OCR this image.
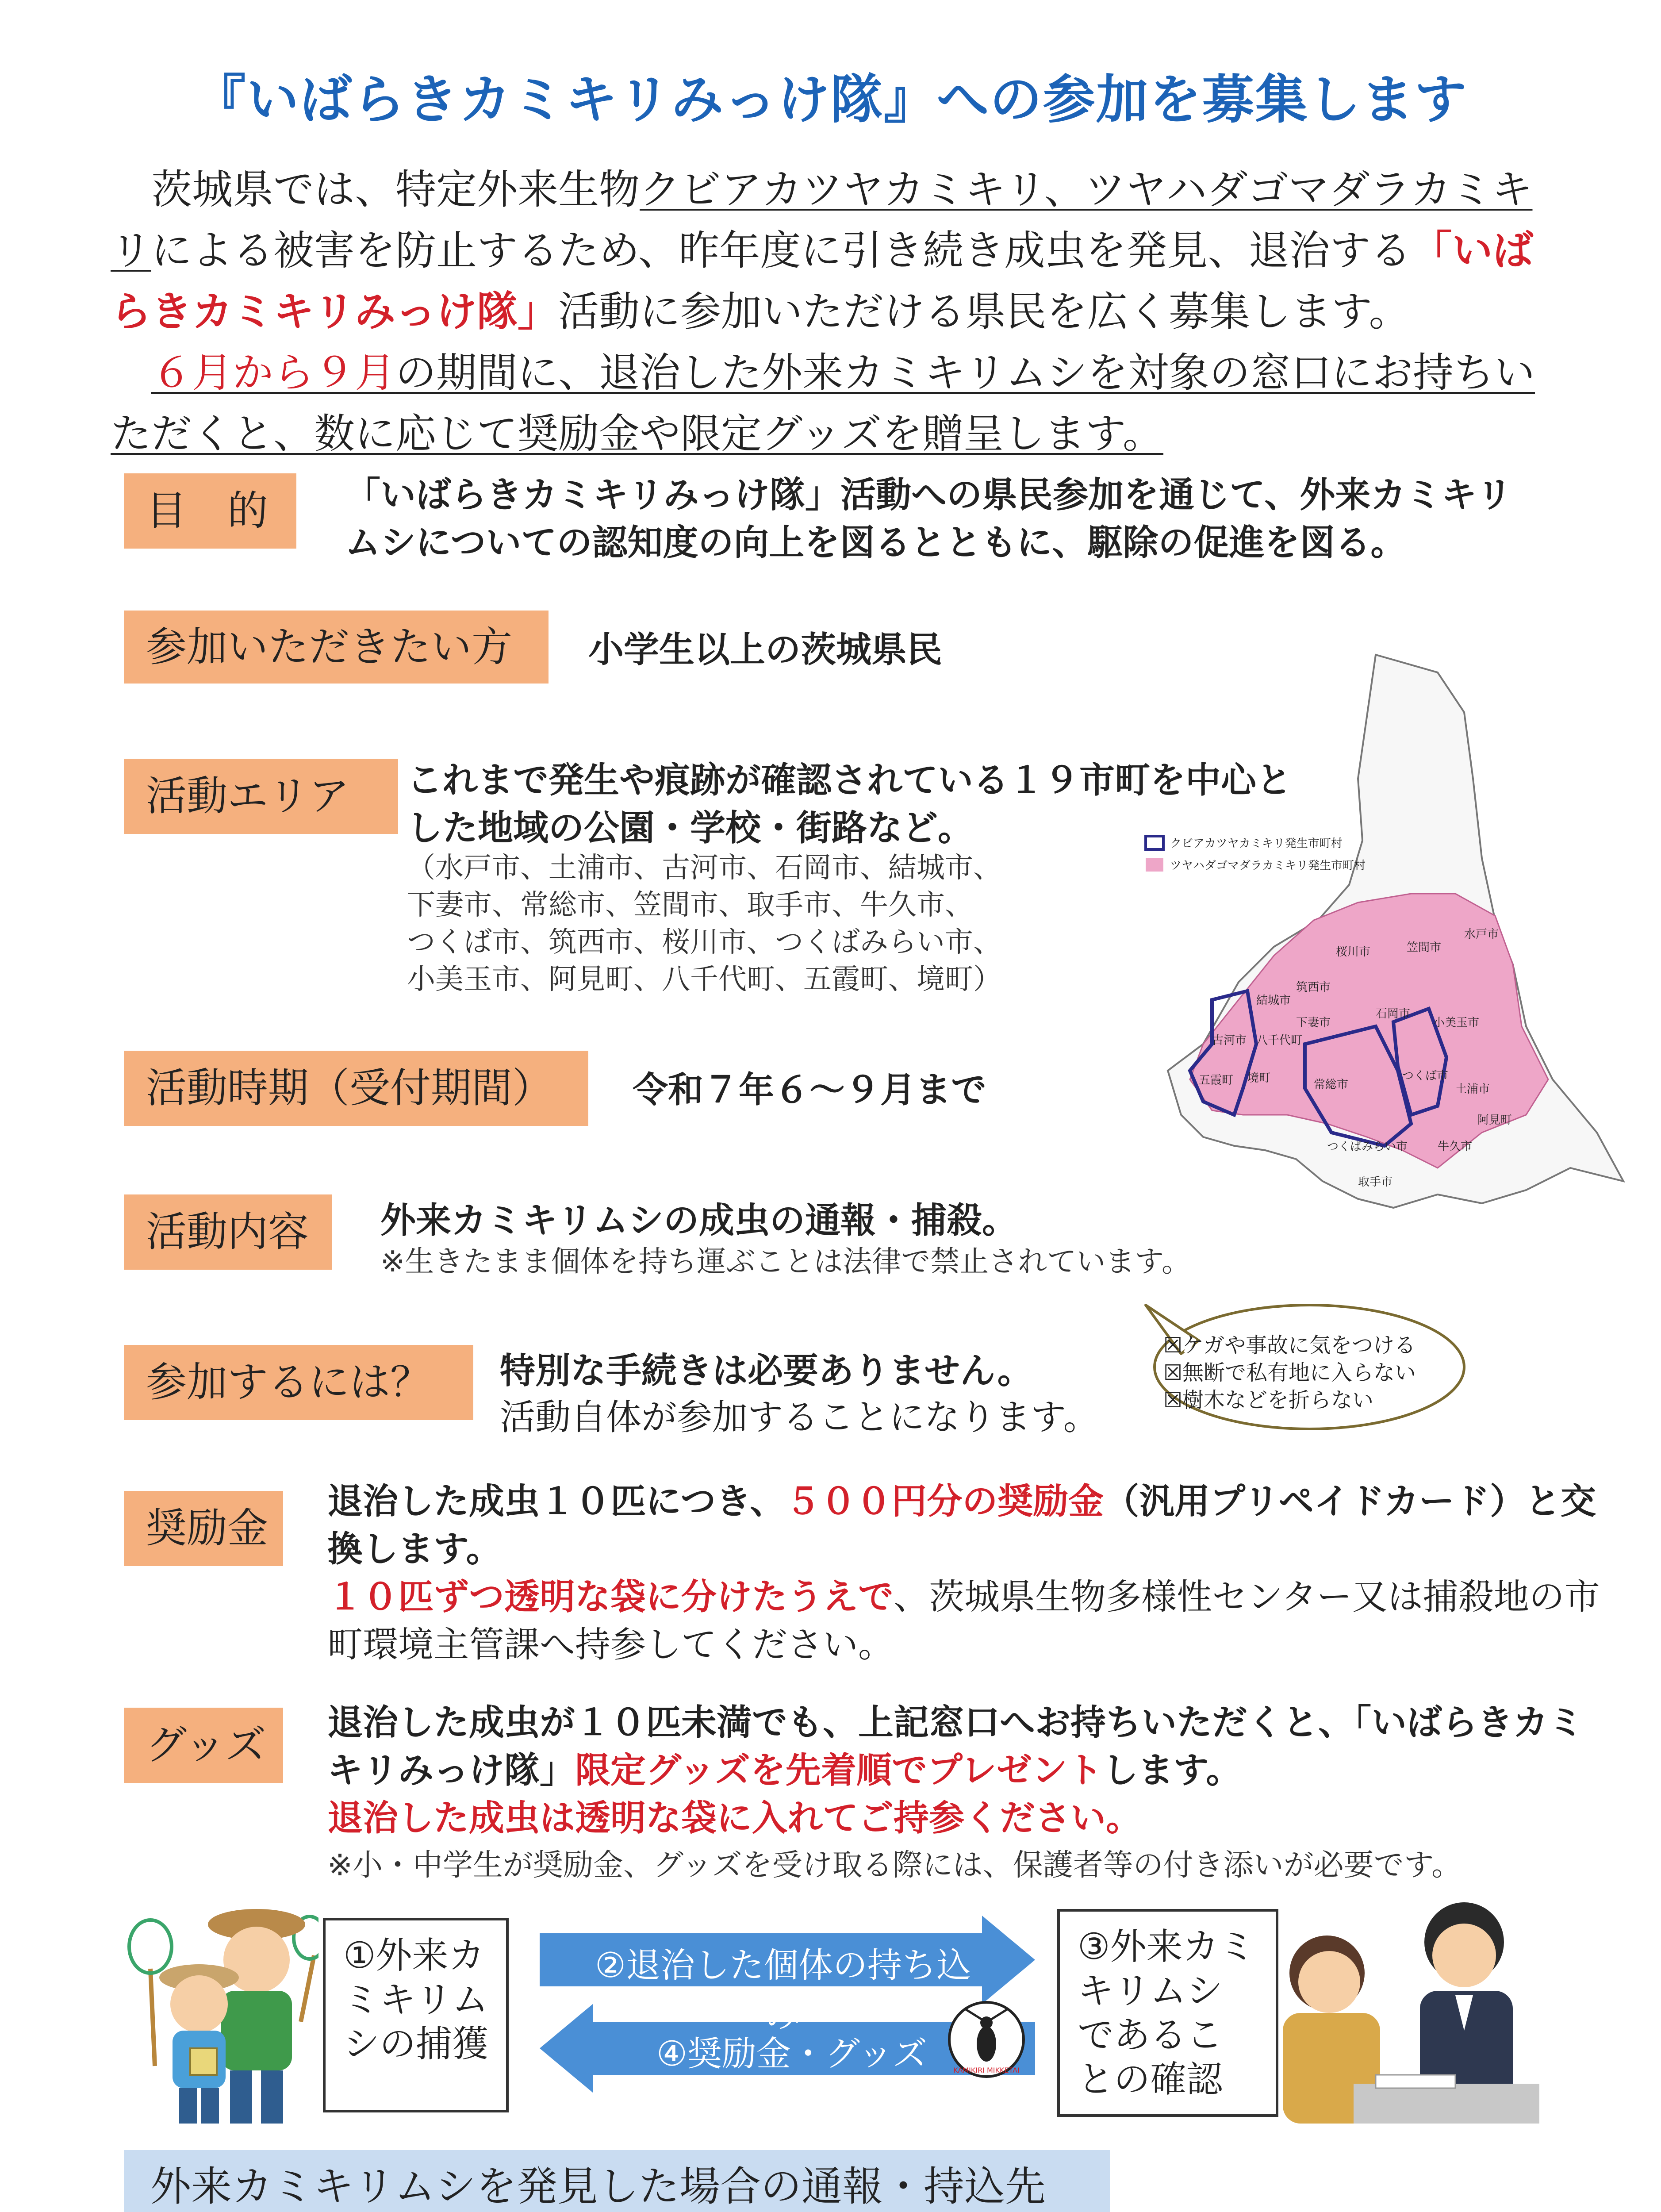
『いばらきカミキリみっけ隊』への参加を募集します
茨城県では、特定外来生物クビアカツヤカミキリ、ツヤハダゴマダラカミキリによる被害を防止するため、昨年度に引き続き成虫を発見、退治する「いばらきカミキリみっけ隊」活動に参加いただける県民を広く募集します。
６月から９月の期間に、退治した外来カミキリムシを対象の窓口にお持ちいただくと、数に応じて奨励金や限定グッズを贈呈します。
目　的	「いばらきカミキリみっけ隊」活動への県民参加を通じて、外来カミキリムシについての認知度の向上を図るとともに、駆除の促進を図る。
参加いただきたい方	小学生以上の茨城県民
活動エリア	これまで発生や痕跡が確認されている１９市町を中心とした地域の公園・学校・街路など。
（水戸市、土浦市、古河市、石岡市、結城市、
下妻市、常総市、笠間市、取手市、牛久市、
つくば市、筑西市、桜川市、つくばみらい市、
小美玉市、阿見町、八千代町、五霞町、境町）
クビアカツヤカミキリ発生市町村
ツヤハダゴマダラカミキリ発生市町村
桜川市	笠間市
水戸市
筑西市
結城市
下妻市
石岡市
小美玉市
古河市 八千代町
五霞町 境町	常総市
つくば市
土浦市
阿見町
つくばみらい市	牛久市
取手市
活動時期（受付期間）	令和７年６～９月まで
活動内容	外来カミキリムシの成虫の通報・捕殺。
※生きたまま個体を持ち運ぶことは法律で禁止されています。
参加するには？	特別な手続きは必要ありません。
活動自体が参加することになります。
☒ケガや事故に気をつける
☒無断で私有地に入らない
☒樹木などを折らない
奨励金
退治した成虫１０匹につき、５００円分の奨励金（汎用プリペイドカード）と交換します。
１０匹ずつ透明な袋に分けたうえで、茨城県生物多様性センター又は捕殺地の市町環境主管課へ持参してください。
グッズ	退治した成虫が１０匹未満でも、上記窓口へお持ちいただくと、「いばらきカミキリみっけ隊」限定グッズを先着順でプレゼントします。
退治した成虫は透明な袋に入れてご持参ください。
※小・中学生が奨励金、グッズを受け取る際には、保護者等の付き添いが必要です。
①外来カミキリムシの捕獲
②退治した個体の持ち込み
④奨励金・グッズ	KAMIKIRI MIKKETAI
③外来カミキリムシであることの確認
外来カミキリムシを発見した場合の通報・持込先
